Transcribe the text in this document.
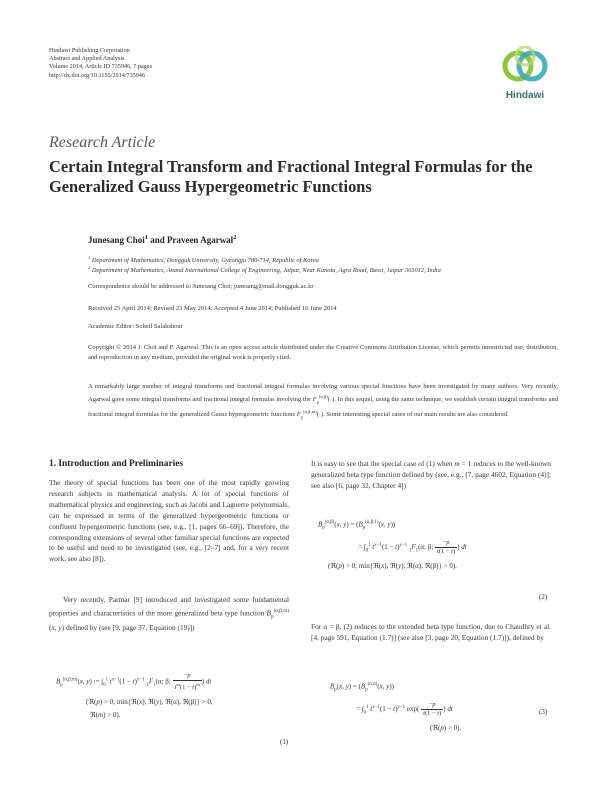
Hindawi Publishing Corporation
Abstract and Applied Analysis
Volume 2014, Article ID 735946, 7 pages
http://dx.doi.org/10.1155/2014/735946
Hindawi
Research Article
Certain Integral Transform and Fractional Integral Formulas for the Generalized Gauss Hypergeometric Functions
Junesang Choi$^1$ and Praveen Agarwal$^2$
$^1$ Department of Mathematics, Dongguk University, Gyeongju 780-714, Republic of Korea
$^2$ Department of Mathematics, Anand International College of Engineering, Jaipur, Near Kanota, Agra Road, Bassi, Jaipur 303012, India
Correspondence should be addressed to Junesang Choi; junesang@mail.dongguk.ac.kr
Received 25 April 2014; Revised 23 May 2014; Accepted 4 June 2014; Published 16 June 2014
Academic Editor: Soheil Salahshour
Copyright © 2014 J. Choi and P. Agarwal. This is an open access article distributed under the Creative Commons Attribution License, which permits unrestricted use, distribution, and reproduction in any medium, provided the original work is properly cited.
A remarkably large number of integral transforms and fractional integral formulas involving various special functions have been investigated by many authors. Very recently, Agarwal gave some integral transforms and fractional integral formulas involving the $F_p^{(\alpha,\beta)}(\cdot)$. In this sequel, using the same technique, we establish certain integral transforms and fractional integral formulas for the generalized Gauss hypergeometric functions $F_p^{(\alpha,\beta;m)}(\cdot)$. Some interesting special cases of our main results are also considered.
1. Introduction and Preliminaries
The theory of special functions has been one of the most rapidly growing research subjects in mathematical analysis. A lot of special functions of mathematical physics and engineering, such as Jacobi and Laguerre polynomials, can be expressed in terms of the generalized hypergeometric functions or confluent hypergeometric functions (see, e.g., [1, pages 66–69]). Therefore, the corresponding extensions of several other familiar special functions are expected to be useful and need to be investigated (see, e.g., [2–7] and, for a very recent work, see also [8]).
Very recently, Parmar [9] introduced and investigated some fundamental properties and characteristics of the more generalized beta type function $B_p^{(\alpha,\beta;m)}(x$, y) defined by (see [9, page 37, Equation (19)])
$B_p^{(\alpha,\beta;m)}(x$, y) := $\int_0^1$ $t^{x-1}(1 - t)^{y-1}$ $_1F_1(\alpha$; β; $\frac{-p}{t^m(1 - t)^m}$ ) dt
(ℜ(p) > 0; min{ℜ(x), ℜ(y), ℜ(α), ℜ(β)} > 0,
ℜ(m) > 0).
(1)
It is easy to see that the special case of (1) when m = 1 reduces to the well-known generalized beta type function defined by (see, e.g., [7, page 4602, Equation (4)]; see also [6, page 32, Chapter 4])
$B_p^{(\alpha,\beta)}(x$, $y) = (B_p^{(\alpha,\beta;1)}(x$, y))
= $\int_0^1$ $t^{x-1}(1 - t)^{y-1}$ $_1F_1(\alpha$; β; $\frac{-p}{t(1 - t)}$ ) dt
(ℜ(p) > 0; min{ℜ(x), ℜ(y), ℜ(α), ℜ(β)} > 0).
(2)
For α = β, (2) reduces to the extended beta type function, due to Chaudhry et al. [4, page 591, Equation (1.7)] (see also [3, page 20, Equation (1.7)]), defined by
$B_p(x$, $y) = (B_p^{(\alpha,\alpha)}(x$, y))
= $\int_0^1$ $t^{x-1}(1 - t)^{y-1}$ $\exp( \frac{-p}{t(1 - t)}$ ) dt
(ℜ(p) > 0).
(3)
